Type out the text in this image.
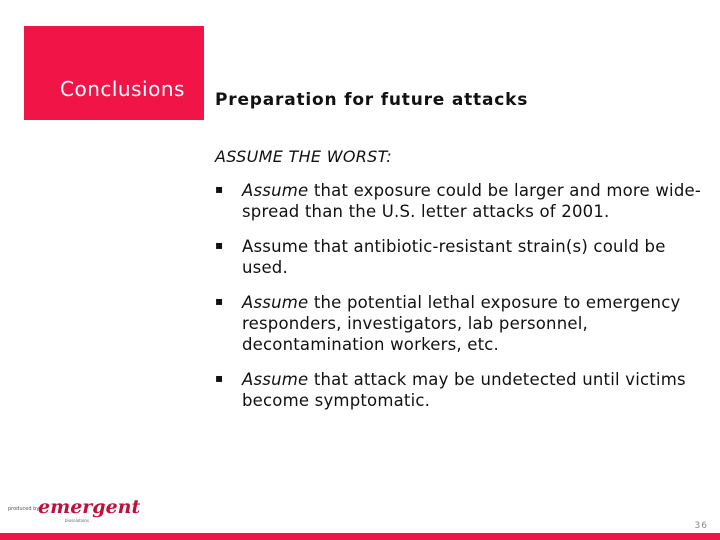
Conclusions Preparation for future attacks
ASSUME THE WORST:
▪ Assume that exposure could be larger and more wide-spread than the U.S. letter attacks of 2001.
▪ Assume that antibiotic-resistant strain(s) could be used.
▪ Assume the potential lethal exposure to emergency responders, investigators, lab personnel, decontamination workers, etc.
▪ Assume that attack may be undetected until victims become symptomatic.
produced by
emergent
biosolutions
36
